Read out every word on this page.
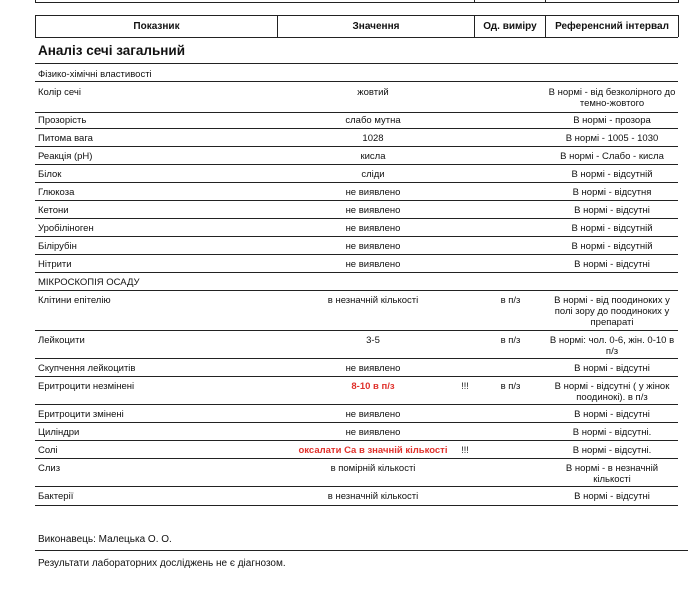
Показник	Значення	Од. виміру	Референсний інтервал
Аналіз сечі загальний
Фізико-хімічні властивості
Колір сечі	жовтий	В нормі - від безколірного до темно-жовтого
Прозорість	слабо мутна	В нормі - прозора
Питома вага	1028	В нормі - 1005 - 1030
Реакція (pH)	кисла	В нормі - Слабо - кисла
Білок	сліди	В нормі - відсутній
Глюкоза	не виявлено	В нормі - відсутня
Кетони	не виявлено	В нормі - відсутні
Уробіліноген	не виявлено	В нормі - відсутній
Білірубін	не виявлено	В нормі - відсутній
Нітрити	не виявлено	В нормі - відсутні
МІКРОСКОПІЯ ОСАДУ
Клітини епітелію	в незначній кількості	в п/з	В нормі - від поодиноких у полі зору до поодиноких у препараті
Лейкоцити	3-5	в п/з	В нормі: чол. 0-6, жін. 0-10 в п/з
Скупчення лейкоцитів	не виявлено	В нормі - відсутні
Еритроцити незмінені	8-10 в п/з	!!!	в п/з	В нормі - відсутні ( у жінок поодинокі). в п/з
Еритроцити змінені	не виявлено	В нормі - відсутні
Циліндри	не виявлено	В нормі - відсутні.
Солі	оксалати Са в значній кількості	!!!	В нормі - відсутні.
Слиз	в помірній кількості	В нормі - в незначній кількості
Бактерії	в незначній кількості	В нормі - відсутні
Виконавець: Малецька О. О.
Результати лабораторних досліджень не є діагнозом.
